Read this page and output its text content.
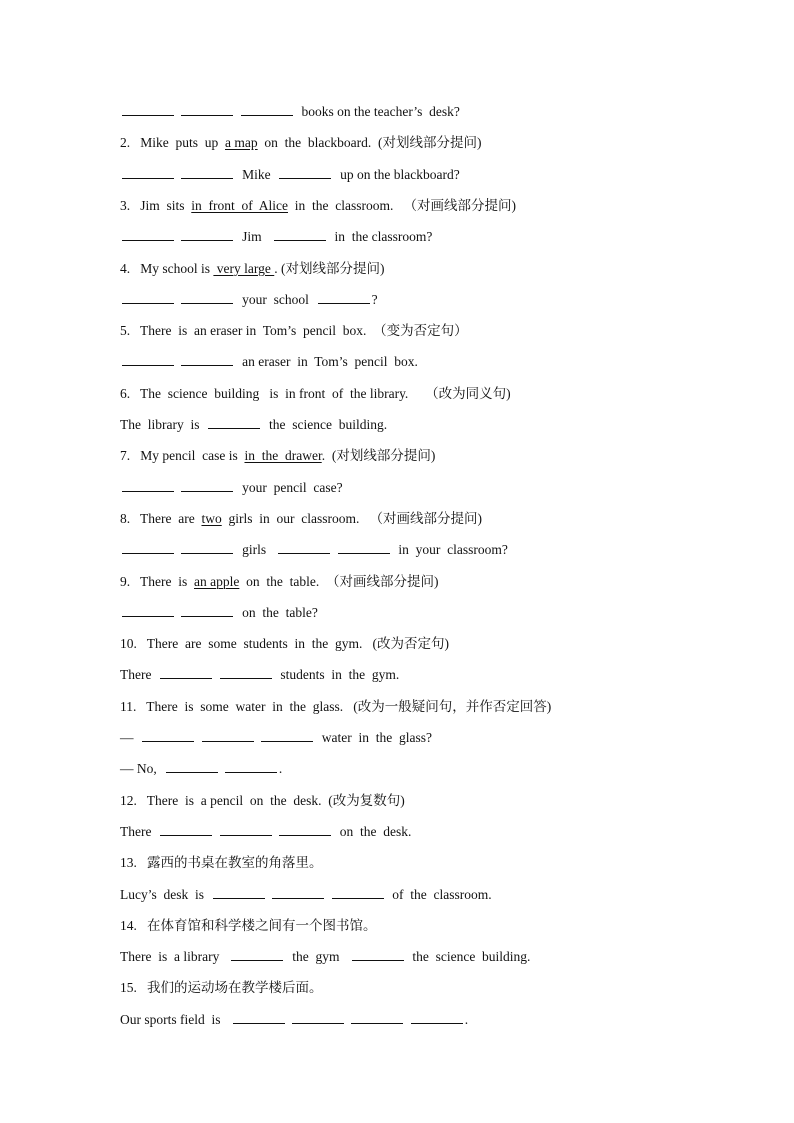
books on the teacher’s  desk?
2.   Mike  puts  up  a map  on  the  blackboard.  (对划线部分提问)
Mike	up on the blackboard?
3.   Jim  sits  in  front  of  Alice  in  the  classroom.   （对画线部分提问)
Jim	in  the classroom?
4.   My school is  very large . (对划线部分提问)
your  school	?
5.   There  is  an eraser in  Tom’s  pencil  box.  （变为否定句）
an eraser  in  Tom’s  pencil  box.
6.   The  science  building   is  in front  of  the library.     （改为同义句)
The  library  is	the  science  building.
7.   My pencil  case is  in  the  drawer.  (对划线部分提问)
your  pencil  case?
8.   There  are  two  girls  in  our  classroom.   （对画线部分提问)
girls	in  your  classroom?
9.   There  is  an apple  on  the  table.  （对画线部分提问)
on  the  table?
10.   There  are  some  students  in  the  gym.   (改为否定句)
There	students  in  the  gym.
11.   There  is  some  water  in  the  glass.   (改为一般疑问句，并作否定回答)
—	water  in  the  glass?
— No,	.
12.   There  is  a pencil  on  the  desk.  (改为复数句)
There	on  the  desk.
13.   露西的书桌在教室的角落里。
Lucy’s  desk  is	of  the  classroom.
14.   在体育馆和科学楼之间有一个图书馆。
There  is  a library	the  gym	the  science  building.
15.   我们的运动场在教学楼后面。
Our sports field  is	.
